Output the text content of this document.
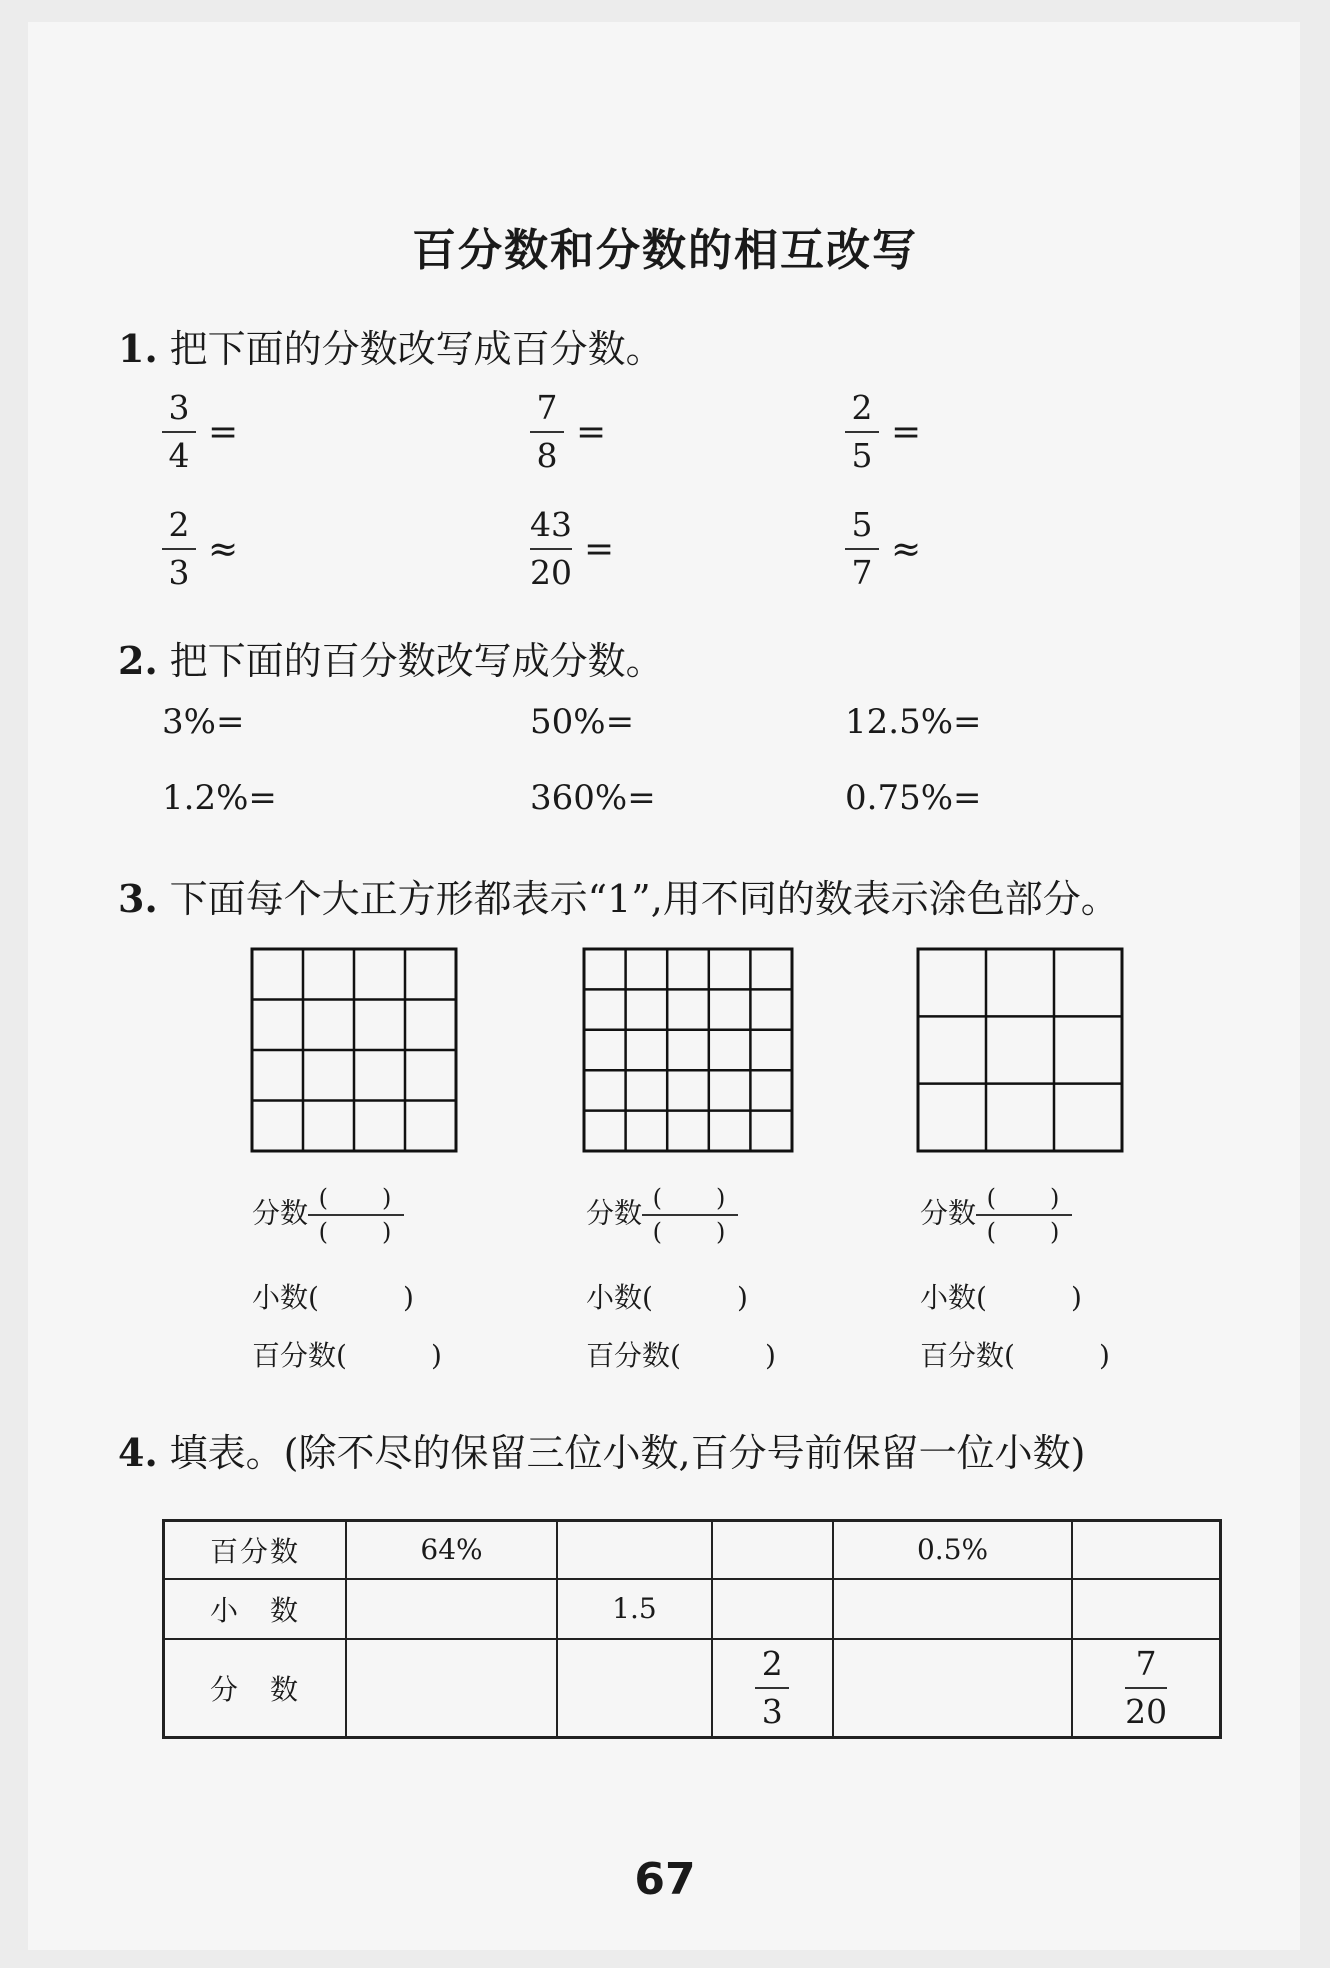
百分数和分数的相互改写
1. 把下面的分数改写成百分数。
$\frac{3}{4}$ =	$\frac{7}{8}$ =	$\frac{2}{5}$ =
$\frac{2}{3}$ ≈	$\frac{43}{20}$ =	$\frac{5}{7}$ ≈
2. 把下面的百分数改写成分数。
3%=	50%=	12.5%=
1.2%=	360%=	0.75%=
3. 下面每个大正方形都表示“1”,用不同的数表示涂色部分。
分数 (　　 )
(　　 )
小数(　　　	)
百分数(　　　	)
分数 (　　 )
(　　 )
小数(　　　	)
百分数(　　　	)
分数 (　　 )
(　　 )
小数(　　　	)
百分数(　　　	)
4. 填表。(除不尽的保留三位小数,百分号前保留一位小数)
百分数	64%			0.5%	
小　数		1.5			
分　数			$\frac{2}{3}$		$\frac{7}{20}$
67
